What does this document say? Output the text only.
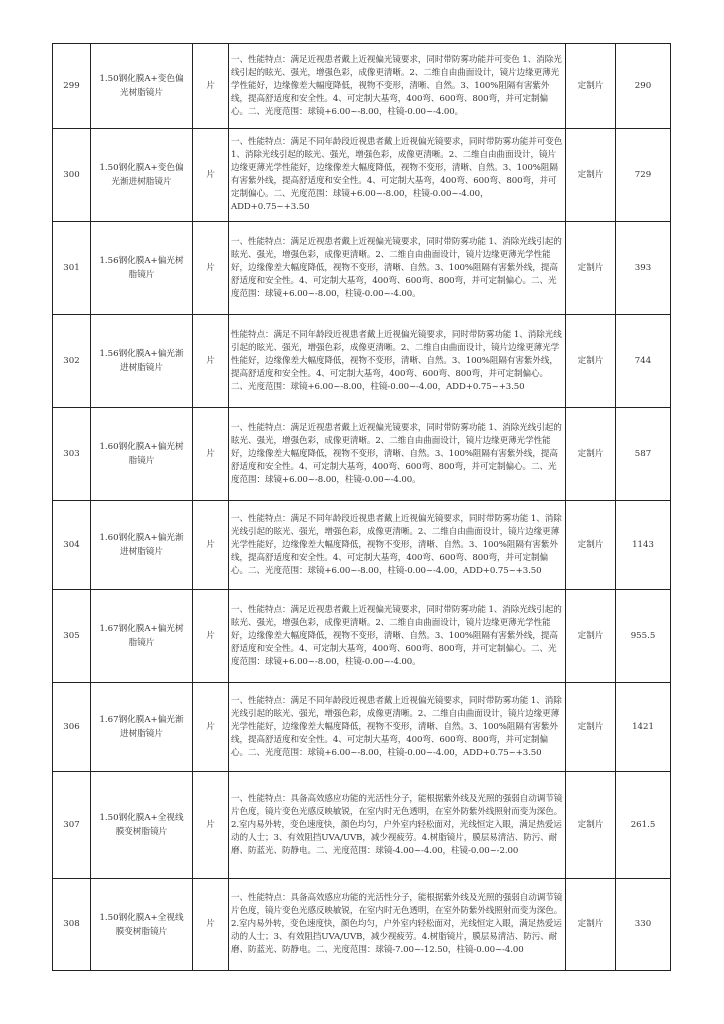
299	1.50钢化膜A+变色偏光树脂镜片	片	一、性能特点：满足近视患者戴上近视偏光镜要求，同时带防雾功能并可变色 1、消除光线引起的眩光、强光，增强色彩，成像更清晰。2、二维自由曲面设计，镜片边缘更薄光学性能好，边缘像差大幅度降低，视物不变形，清晰、自然。3、100%阻隔有害紫外线，提高舒适度和安全性。4、可定制大基弯，400弯、600弯、800弯，并可定制偏心。二、光度范围：球镜+6.00~-8.00，柱镜-0.00~-4.00。	定制片	290
300	1.50钢化膜A+变色偏光渐进树脂镜片	片	一、性能特点：满足不同年龄段近视患者戴上近视偏光镜要求，同时带防雾功能并可变色 1、消除光线引起的眩光、强光，增强色彩，成像更清晰。2、二维自由曲面设计，镜片边缘更薄光学性能好，边缘像差大幅度降低，视物不变形，清晰、自然。3、100%阻隔有害紫外线，提高舒适度和安全性。4、可定制大基弯，400弯、600弯、800弯，并可定制偏心。二、光度范围：球镜+6.00~-8.00，柱镜-0.00~-4.00，ADD+0.75~+3.50	定制片	729
301	1.56钢化膜A+偏光树脂镜片	片	一、性能特点：满足近视患者戴上近视偏光镜要求，同时带防雾功能 1、消除光线引起的眩光、强光，增强色彩，成像更清晰。2、二维自由曲面设计，镜片边缘更薄光学性能好，边缘像差大幅度降低，视物不变形，清晰、自然。3、100%阻隔有害紫外线，提高舒适度和安全性。4、可定制大基弯，400弯、600弯、800弯，并可定制偏心。二、光度范围：球镜+6.00~-8.00，柱镜-0.00~-4.00。	定制片	393
302	1.56钢化膜A+偏光渐进树脂镜片	片	性能特点：满足不同年龄段近视患者戴上近视偏光镜要求，同时带防雾功能 1、消除光线引起的眩光、强光，增强色彩，成像更清晰。2、二维自由曲面设计，镜片边缘更薄光学性能好，边缘像差大幅度降低，视物不变形，清晰、自然。3、100%阻隔有害紫外线，提高舒适度和安全性。4、可定制大基弯，400弯、600弯、800弯，并可定制偏心。二、光度范围：球镜+6.00~-8.00，柱镜-0.00~-4.00，ADD+0.75~+3.50	定制片	744
303	1.60钢化膜A+偏光树脂镜片	片	一、性能特点：满足近视患者戴上近视偏光镜要求，同时带防雾功能 1、消除光线引起的眩光、强光，增强色彩，成像更清晰。2、二维自由曲面设计，镜片边缘更薄光学性能好，边缘像差大幅度降低，视物不变形，清晰、自然。3、100%阻隔有害紫外线，提高舒适度和安全性。4、可定制大基弯，400弯、600弯、800弯，并可定制偏心。二、光度范围：球镜+6.00~-8.00，柱镜-0.00~-4.00。	定制片	587
304	1.60钢化膜A+偏光渐进树脂镜片	片	一、性能特点：满足不同年龄段近视患者戴上近视偏光镜要求，同时带防雾功能 1、消除光线引起的眩光、强光，增强色彩，成像更清晰。2、二维自由曲面设计，镜片边缘更薄光学性能好，边缘像差大幅度降低，视物不变形，清晰、自然。3、100%阻隔有害紫外线，提高舒适度和安全性。4、可定制大基弯，400弯、600弯、800弯，并可定制偏心。二、光度范围：球镜+6.00~-8.00，柱镜-0.00~-4.00，ADD+0.75~+3.50	定制片	1143
305	1.67钢化膜A+偏光树脂镜片	片	一、性能特点：满足近视患者戴上近视偏光镜要求，同时带防雾功能 1、消除光线引起的眩光、强光，增强色彩，成像更清晰。2、二维自由曲面设计，镜片边缘更薄光学性能好，边缘像差大幅度降低，视物不变形，清晰、自然。3、100%阻隔有害紫外线，提高舒适度和安全性。4、可定制大基弯，400弯、600弯、800弯，并可定制偏心。二、光度范围：球镜+6.00~-8.00，柱镜-0.00~-4.00。	定制片	955.5
306	1.67钢化膜A+偏光渐进树脂镜片	片	一、性能特点：满足不同年龄段近视患者戴上近视偏光镜要求，同时带防雾功能 1、消除光线引起的眩光、强光，增强色彩，成像更清晰。2、二维自由曲面设计，镜片边缘更薄光学性能好，边缘像差大幅度降低，视物不变形，清晰、自然。3、100%阻隔有害紫外线，提高舒适度和安全性。4、可定制大基弯，400弯、600弯、800弯，并可定制偏心。二、光度范围：球镜+6.00~-8.00，柱镜-0.00~-4.00，ADD+0.75~+3.50	定制片	1421
307	1.50钢化膜A+全视线膜变树脂镜片	片	一、性能特点：具备高效感应功能的光活性分子，能根据紫外线及光照的强弱自动调节镜片色度，镜片变色光感反映敏锐，在室内时无色透明，在室外防紫外线照射而变为深色。2.室内易外转，变色速度快，颜色均匀，户外室内轻松面对，光线恒定入眼，满足热爱运动的人士；3、有效阻挡UVA/UVB，减少视疲劳。4.树脂镜片，膜层易清洁、防污、耐磨、防蓝光、防静电。二、光度范围：球镜-4.00~-4.00，柱镜-0.00~-2.00	定制片	261.5
308	1.50钢化膜A+全视线膜变树脂镜片	片	一、性能特点：具备高效感应功能的光活性分子，能根据紫外线及光照的强弱自动调节镜片色度，镜片变色光感反映敏锐，在室内时无色透明，在室外防紫外线照射而变为深色。2.室内易外转，变色速度快，颜色均匀，户外室内轻松面对，光线恒定入眼，满足热爱运动的人士；3、有效阻挡UVA/UVB，减少视疲劳。4.树脂镜片，膜层易清洁、防污、耐磨、防蓝光、防静电。二、光度范围：球镜-7.00~-12.50，柱镜-0.00~-4.00	定制片	330
